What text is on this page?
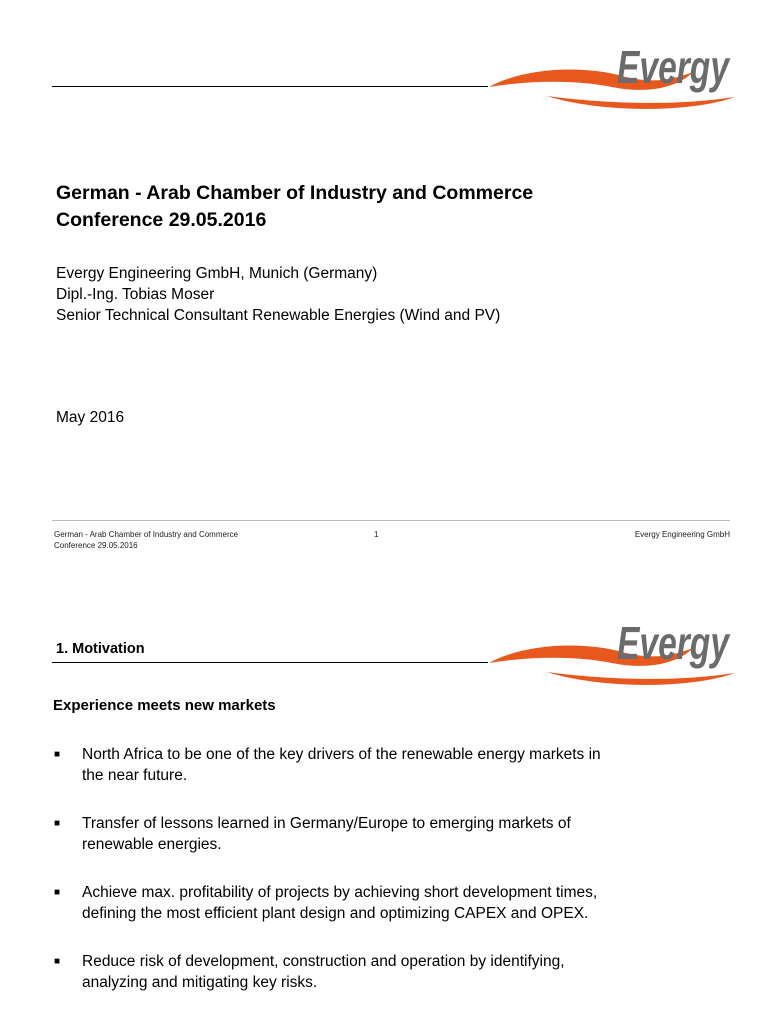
Evergy
German - Arab Chamber of Industry and Commerce
Conference 29.05.2016
Evergy Engineering GmbH, Munich (Germany)
Dipl.-Ing. Tobias Moser
Senior Technical Consultant Renewable Energies (Wind and PV)
May 2016
German - Arab Chamber of Industry and Commerce
Conference 29.05.2016
1	Evergy Engineering GmbH
1. Motivation	Evergy
Experience meets new markets
■ North Africa to be one of the key drivers of the renewable energy markets in
the near future.
■ Transfer of lessons learned in Germany/Europe to emerging markets of
renewable energies.
■ Achieve max. profitability of projects by achieving short development times,
defining the most efficient plant design and optimizing CAPEX and OPEX.
■ Reduce risk of development, construction and operation by identifying,
analyzing and mitigating key risks.
